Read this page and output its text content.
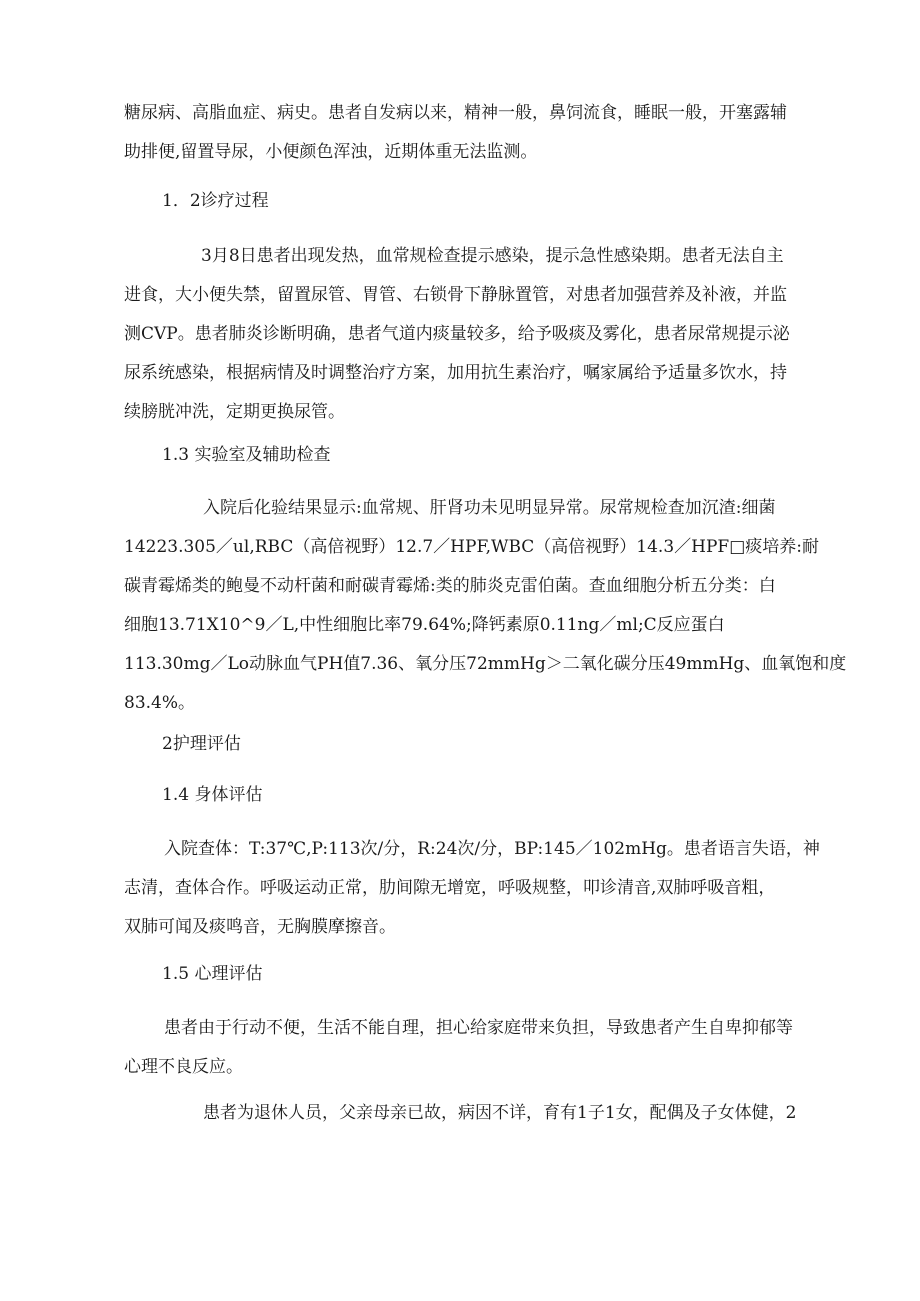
糖尿病、高脂血症、病史。患者自发病以来，精神一般，鼻饲流食，睡眠一般，开塞露辅

助排便,留置导尿，小便颜色浑浊，近期体重无法监测。

1．2诊疗过程

3月8日患者出现发热，血常规检查提示感染，提示急性感染期。患者无法自主

进食，大小便失禁，留置尿管、胃管、右锁骨下静脉置管，对患者加强营养及补液，并监

测CVP。患者肺炎诊断明确，患者气道内痰量较多，给予吸痰及雾化，患者尿常规提示泌

尿系统感染，根据病情及时调整治疗方案，加用抗生素治疗，嘱家属给予适量多饮水，持

续膀胱冲洗，定期更换尿管。

1.3 实验室及辅助检查

入院后化验结果显示:血常规、肝肾功未见明显异常。尿常规检查加沉渣:细菌

14223.305／ul,RBC（高倍视野）12.7／HPF,WBC（高倍视野）14.3／HPF□痰培养:耐

碳青霉烯类的鲍曼不动杆菌和耐碳青霉烯:类的肺炎克雷伯菌。查血细胞分析五分类：白

细胞13.71X10^9／L,中性细胞比率79.64%;降钙素原0.11ng／ml;C反应蛋白

113.30mg／Lo动脉血气PH值7.36、氧分压72mmHg＞二氧化碳分压49mmHg、血氧饱和度

83.4%。

2护理评估
1.4 身体评估

入院查体：T:37℃,P:113次/分，R:24次/分，BP:145／102mHg。患者语言失语，神

志清，查体合作。呼吸运动正常，肋间隙无增宽，呼吸规整，叩诊清音,双肺呼吸音粗，

双肺可闻及痰鸣音，无胸膜摩擦音。

1.5 心理评估

患者由于行动不便，生活不能自理，担心给家庭带来负担，导致患者产生自卑抑郁等

心理不良反应。

患者为退休人员，父亲母亲已故，病因不详，育有1子1女，配偶及子女体健，2
